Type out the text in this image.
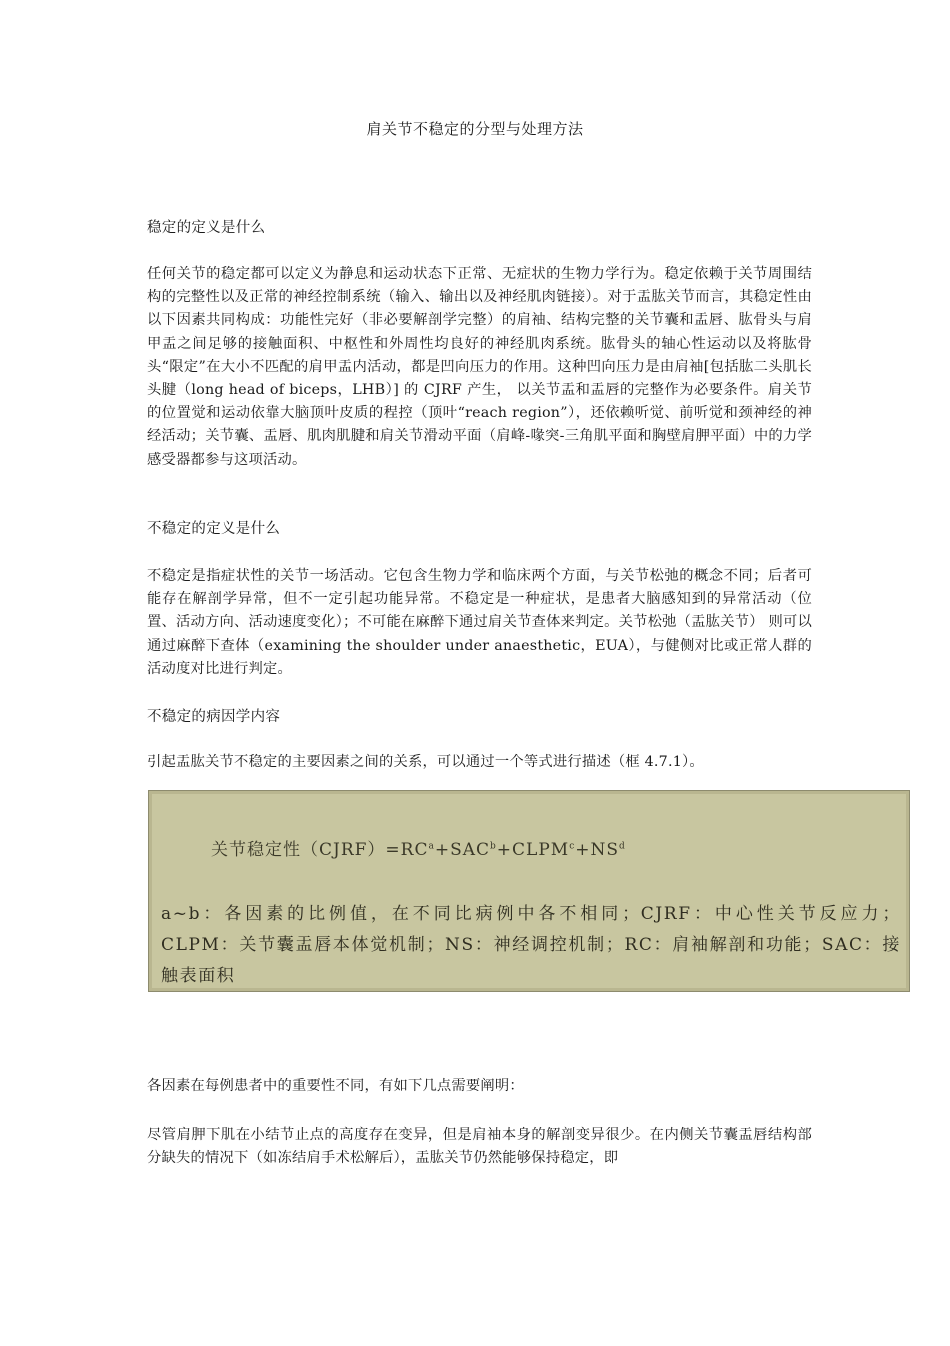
肩关节不稳定的分型与处理方法
稳定的定义是什么
任何关节的稳定都可以定义为静息和运动状态下正常、无症状的生物力学行为。稳定依赖于关节周围结构的完整性以及正常的神经控制系统（输入、输出以及神经肌肉链接）。对于盂肱关节而言，其稳定性由以下因素共同构成：功能性完好（非必要解剖学完整）的肩袖、结构完整的关节囊和盂唇、肱骨头与肩甲盂之间足够的接触面积、中枢性和外周性均良好的神经肌肉系统。肱骨头的轴心性运动以及将肱骨头“限定”在大小不匹配的肩甲盂内活动，都是凹向压力的作用。这种凹向压力是由肩袖[包括肱二头肌长头腱（long head of biceps，LHB）] 的 CJRF 产生， 以关节盂和盂唇的完整作为必要条件。肩关节的位置觉和运动依靠大脑顶叶皮质的程控（顶叶“reach region”），还依赖听觉、前听觉和颈神经的神经活动；关节囊、盂唇、肌肉肌腱和肩关节滑动平面（肩峰-喙突-三角肌平面和胸壁肩胛平面）中的力学感受器都参与这项活动。
不稳定的定义是什么
不稳定是指症状性的关节一场活动。它包含生物力学和临床两个方面，与关节松弛的概念不同；后者可能存在解剖学异常，但不一定引起功能异常。不稳定是一种症状，是患者大脑感知到的异常活动（位置、活动方向、活动速度变化）；不可能在麻醉下通过肩关节查体来判定。关节松弛（盂肱关节） 则可以通过麻醉下查体（examining the shoulder under anaesthetic，EUA），与健侧对比或正常人群的活动度对比进行判定。
不稳定的病因学内容
引起盂肱关节不稳定的主要因素之间的关系，可以通过一个等式进行描述（框 4.7.1）。
关节稳定性$(CJRF)=RC^a+SAC^b+CLPM^c+NS^d$
a~b：各因素的比例值，在不同比病例中各不相同；CJRF：中心性关节反应力；CLPM：关节囊盂唇本体觉机制；NS：神经调控机制；RC：肩袖解剖和功能；SAC：接触表面积
各因素在每例患者中的重要性不同，有如下几点需要阐明：
尽管肩胛下肌在小结节止点的高度存在变异，但是肩袖本身的解剖变异很少。在内侧关节囊盂唇结构部分缺失的情况下（如冻结肩手术松解后），盂肱关节仍然能够保持稳定，即
